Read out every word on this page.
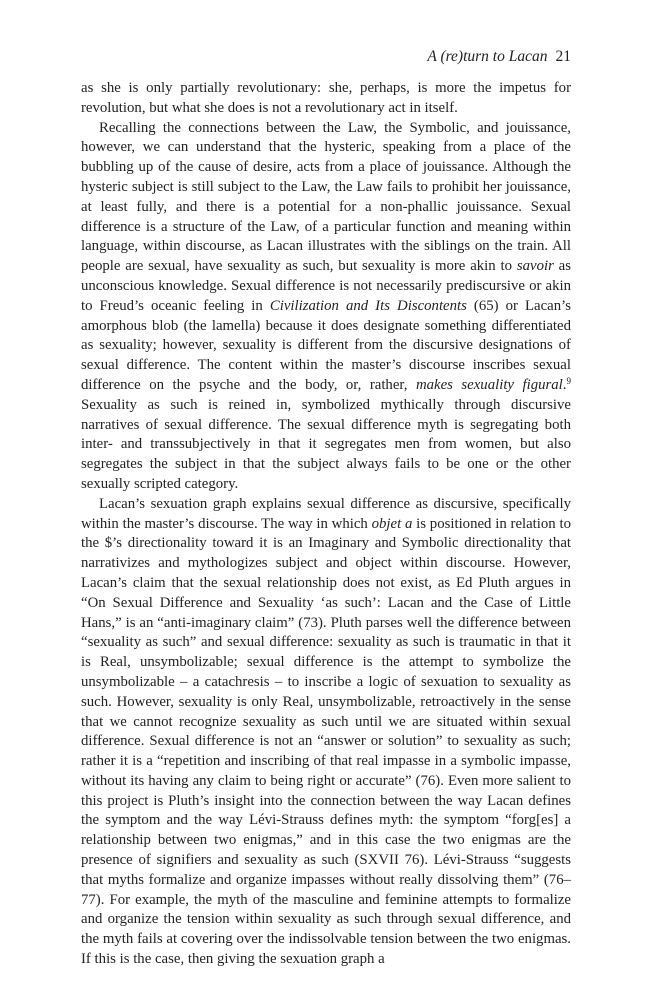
A (re)turn to Lacan 21

as she is only partially revolutionary: she, perhaps, is more the impetus for revolution, but what she does is not a revolutionary act in itself.

Recalling the connections between the Law, the Symbolic, and jouissance, however, we can understand that the hysteric, speaking from a place of the bubbling up of the cause of desire, acts from a place of jouissance. Although the hysteric subject is still subject to the Law, the Law fails to prohibit her jouissance, at least fully, and there is a potential for a non-phallic jouissance. Sexual difference is a structure of the Law, of a particular function and meaning within language, within discourse, as Lacan illustrates with the siblings on the train. All people are sexual, have sexuality as such, but sexuality is more akin to savoir as unconscious knowledge. Sexual difference is not necessarily prediscursive or akin to Freud’s oceanic feeling in Civilization and Its Discontents (65) or Lacan’s amorphous blob (the lamella) because it does designate something differentiated as sexuality; however, sexuality is different from the discursive designations of sexual difference. The content within the master’s discourse inscribes sexual difference on the psyche and the body, or, rather, makes sexuality figural.$^9$ Sexuality as such is reined in, symbolized mythically through discursive narratives of sexual difference. The sexual difference myth is segregating both inter- and transsubjectively in that it segregates men from women, but also segregates the subject in that the subject always fails to be one or the other sexually scripted category.

Lacan’s sexuation graph explains sexual difference as discursive, specifically within the master’s discourse. The way in which objet a is positioned in relation to the $’s directionality toward it is an Imaginary and Symbolic directionality that narrativizes and mythologizes subject and object within discourse. However, Lacan’s claim that the sexual relationship does not exist, as Ed Pluth argues in “On Sexual Difference and Sexuality ‘as such’: Lacan and the Case of Little Hans,” is an “anti-imaginary claim” (73). Pluth parses well the difference between “sexuality as such” and sexual difference: sexuality as such is traumatic in that it is Real, unsymbolizable; sexual difference is the attempt to symbolize the unsymbolizable – a catachresis – to inscribe a logic of sexuation to sexuality as such. However, sexuality is only Real, unsymbolizable, retroactively in the sense that we cannot recognize sexuality as such until we are situated within sexual difference. Sexual difference is not an “answer or solution” to sexuality as such; rather it is a “repetition and inscribing of that real impasse in a symbolic impasse, without its having any claim to being right or accurate” (76). Even more salient to this project is Pluth’s insight into the connection between the way Lacan defines the symptom and the way Lévi-Strauss defines myth: the symptom “forg[es] a relationship between two enigmas,” and in this case the two enigmas are the presence of signifiers and sexuality as such (SXVII 76). Lévi-Strauss “suggests that myths formalize and organize impasses without really dissolving them” (76–77). For example, the myth of the masculine and feminine attempts to formalize and organize the tension within sexuality as such through sexual difference, and the myth fails at covering over the indissolvable tension between the two enigmas. If this is the case, then giving the sexuation graph a
